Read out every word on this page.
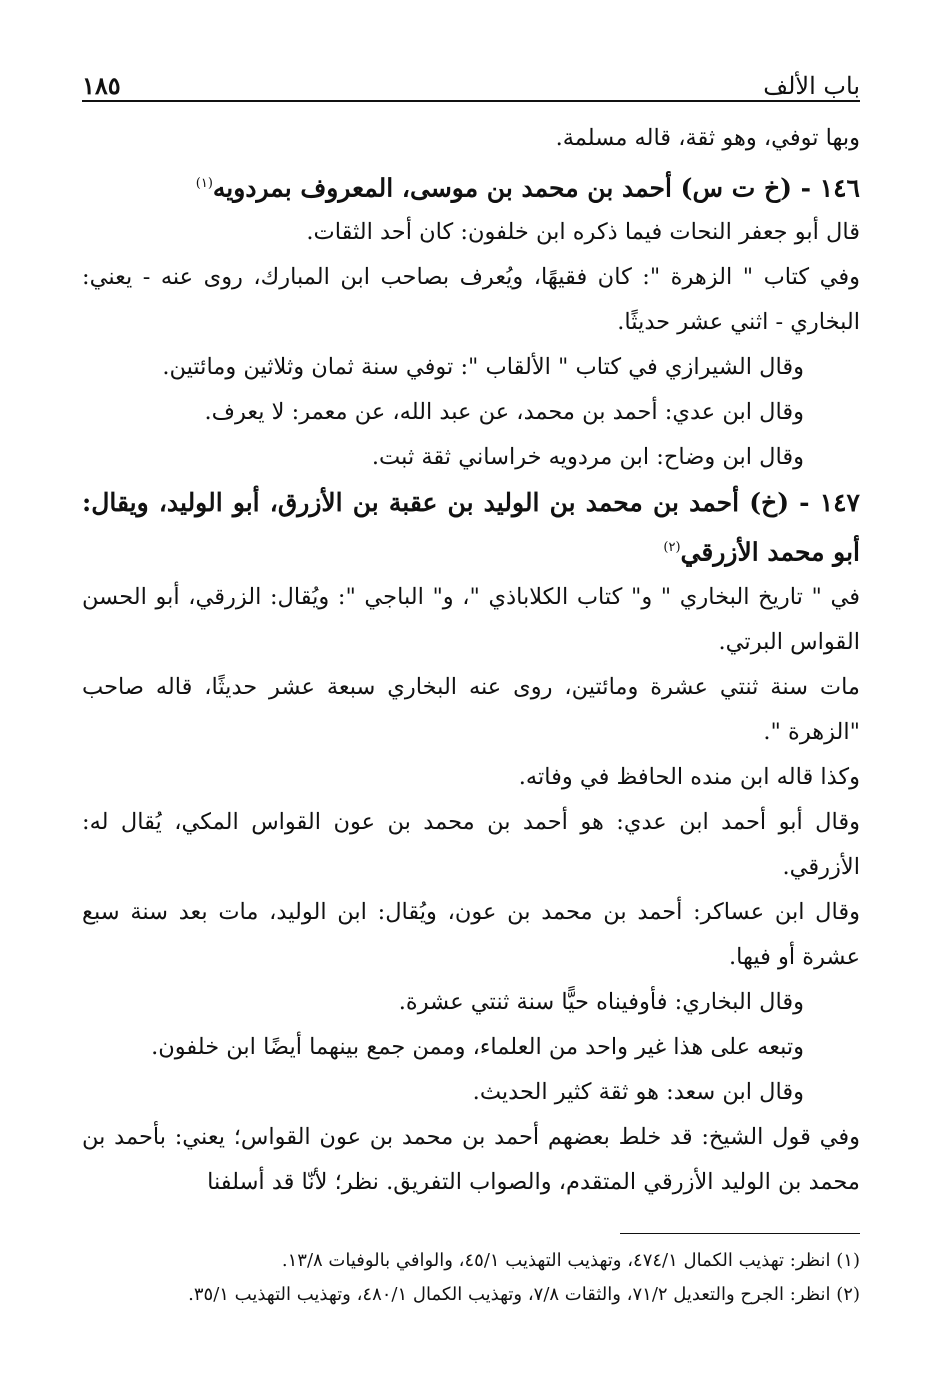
باب الألف
١٨٥

وبها توفي، وهو ثقة، قاله مسلمة.

١٤٦ - (خ ت س) أحمد بن محمد بن موسى، المعروف بمردويه$^{(١)}$

قال أبو جعفر النحات فيما ذكره ابن خلفون: كان أحد الثقات.

وفي كتاب " الزهرة ": كان فقيهًا، ويُعرف بصاحب ابن المبارك، روى عنه - يعني: البخاري - اثني عشر حديثًا.

وقال الشيرازي في كتاب " الألقاب ": توفي سنة ثمان وثلاثين ومائتين.

وقال ابن عدي: أحمد بن محمد، عن عبد الله، عن معمر: لا يعرف.

وقال ابن وضاح: ابن مردويه خراساني ثقة ثبت.

١٤٧ - (خ) أحمد بن محمد بن الوليد بن عقبة بن الأزرق، أبو الوليد، ويقال: أبو محمد الأزرقي$^{(٢)}$

في " تاريخ البخاري " و" كتاب الكلاباذي "، و" الباجي ": ويُقال: الزرقي، أبو الحسن القواس البرتي.

مات سنة ثنتي عشرة ومائتين، روى عنه البخاري سبعة عشر حديثًا، قاله صاحب "الزهرة ".

وكذا قاله ابن منده الحافظ في وفاته.

وقال أبو أحمد ابن عدي: هو أحمد بن محمد بن عون القواس المكي، يُقال له: الأزرقي.

وقال ابن عساكر: أحمد بن محمد بن عون، ويُقال: ابن الوليد، مات بعد سنة سبع عشرة أو فيها.

وقال البخاري: فأوفيناه حيًّا سنة ثنتي عشرة.

وتبعه على هذا غير واحد من العلماء، وممن جمع بينهما أيضًا ابن خلفون.

وقال ابن سعد: هو ثقة كثير الحديث.

وفي قول الشيخ: قد خلط بعضهم أحمد بن محمد بن عون القواس؛ يعني: بأحمد بن محمد بن الوليد الأزرقي المتقدم، والصواب التفريق. نظر؛ لأنّا قد أسلفنا

(١) انظر: تهذيب الكمال ٤٧٤/١، وتهذيب التهذيب ٤٥/١، والوافي بالوفيات ١٣/٨.

(٢) انظر: الجرح والتعديل ٧١/٢، والثقات ٧/٨، وتهذيب الكمال ٤٨٠/١، وتهذيب التهذيب ٣٥/١.
